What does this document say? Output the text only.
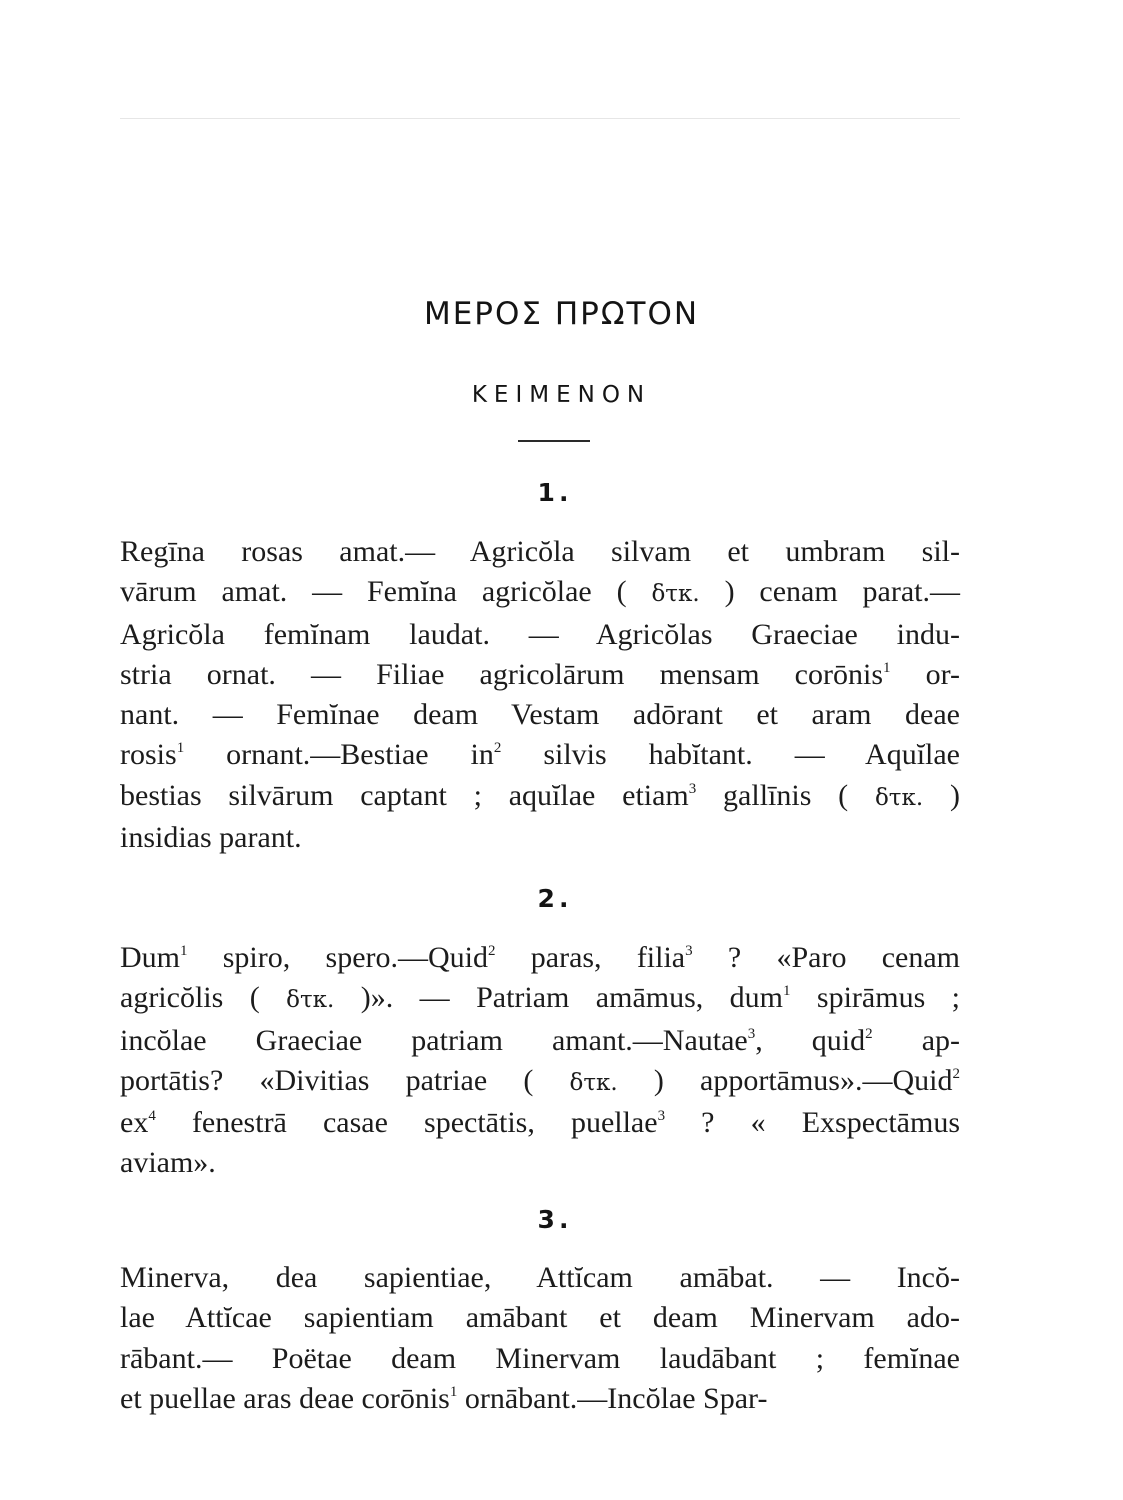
ΜΕΡΟΣ ΠΡΩΤΟΝ
ΚΕΙΜΕΝΟΝ
1.
Regīna rosas amat.— Agricŏla silvam et umbram sil-
vārum amat. — Femĭna agricŏlae ( δτκ. ) cenam parat.—
Agricŏla femĭnam laudat. — Agricŏlas Graeciae indu-
stria ornat. — Filiae agricolārum mensam corōnis$^1$ or-
nant. — Femĭnae deam Vestam adōrant et aram deae
rosis$^1$ ornant.—Bestiae $in^2$ silvis habĭtant. — Aquĭlae
bestias silvārum captant ; aquĭlae etiam$^3$ gallīnis ( δτκ. )
insidias parant.
2.
Dum$^1$ spiro, spero.—Quid$^2$ paras, filia$^3$ ? «Paro cenam
agricŏlis ( δτκ. )». — Patriam amāmus, dum$^1$ spirāmus ;
incŏlae Graeciae patriam amant.—Nautae$^3$, quid$^2$ ap-
portātis? «Divitias patriae ( δτκ. ) apportāmus».—Quid$^2$
$ex^4$ fenestrā casae spectātis, puellae$^3$ ? « Exspectāmus
aviam».
3.
Minerva, dea sapientiae, Attĭcam amābat. — Incŏ-
lae Attĭcae sapientiam amābant et deam Minervam ado-
rābant.— Poëtae deam Minervam laudābant ; femĭnae
et puellae aras deae corōnis$^1$ ornābant.—Incŏlae Spar-
